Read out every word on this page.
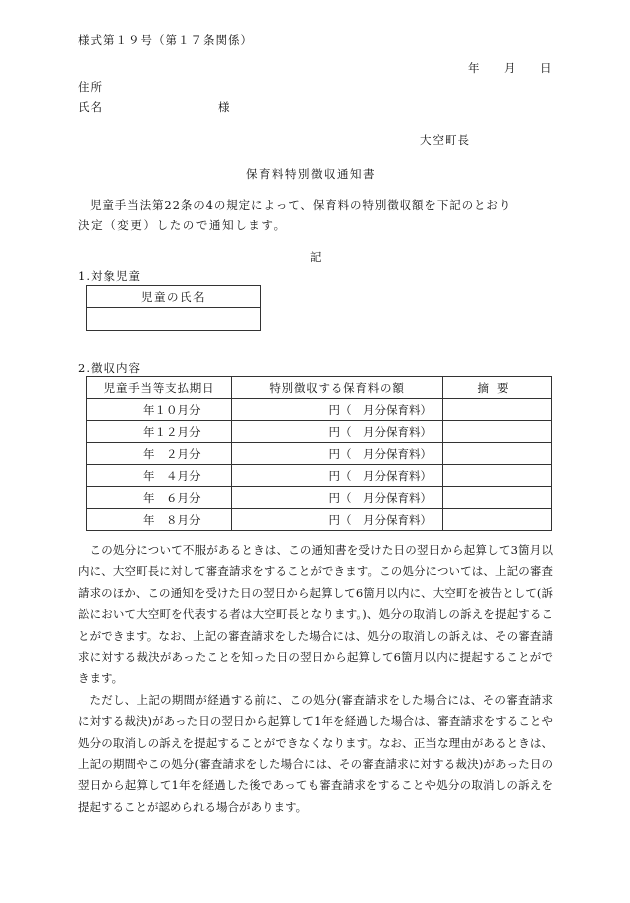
様式第１９号（第１７条関係）
年 月 日
住所
氏名	様
大空町長
保育料特別徴収通知書
児童手当法第22条の4の規定によって、保育料の特別徴収額を下記のとおり
決定（変更）したので通知します。
記
1.対象児童
児童の氏名

2.徴収内容
児童手当等支払期日	特別徴収する保育料の額	摘要
年１０月分	円（　月分保育料）	
年１２月分	円（　月分保育料）	
年　２月分	円（　月分保育料）	
年　４月分	円（　月分保育料）	
年　６月分	円（　月分保育料）	
年　８月分	円（　月分保育料）	

この処分について不服があるときは、この通知書を受けた日の翌日から起算して3箇月以内に、大空町長に対して審査請求をすることができます。この処分については、上記の審査請求のほか、この通知を受けた日の翌日から起算して6箇月以内に、大空町を被告として(訴訟において大空町を代表する者は大空町長となります。)、処分の取消しの訴えを提起することができます。なお、上記の審査請求をした場合には、処分の取消しの訴えは、その審査請求に対する裁決があったことを知った日の翌日から起算して6箇月以内に提起することができます。

ただし、上記の期間が経過する前に、この処分(審査請求をした場合には、その審査請求に対する裁決)があった日の翌日から起算して1年を経過した場合は、審査請求をすることや処分の取消しの訴えを提起することができなくなります。なお、正当な理由があるときは、上記の期間やこの処分(審査請求をした場合には、その審査請求に対する裁決)があった日の翌日から起算して1年を経過した後であっても審査請求をすることや処分の取消しの訴えを提起することが認められる場合があります。
